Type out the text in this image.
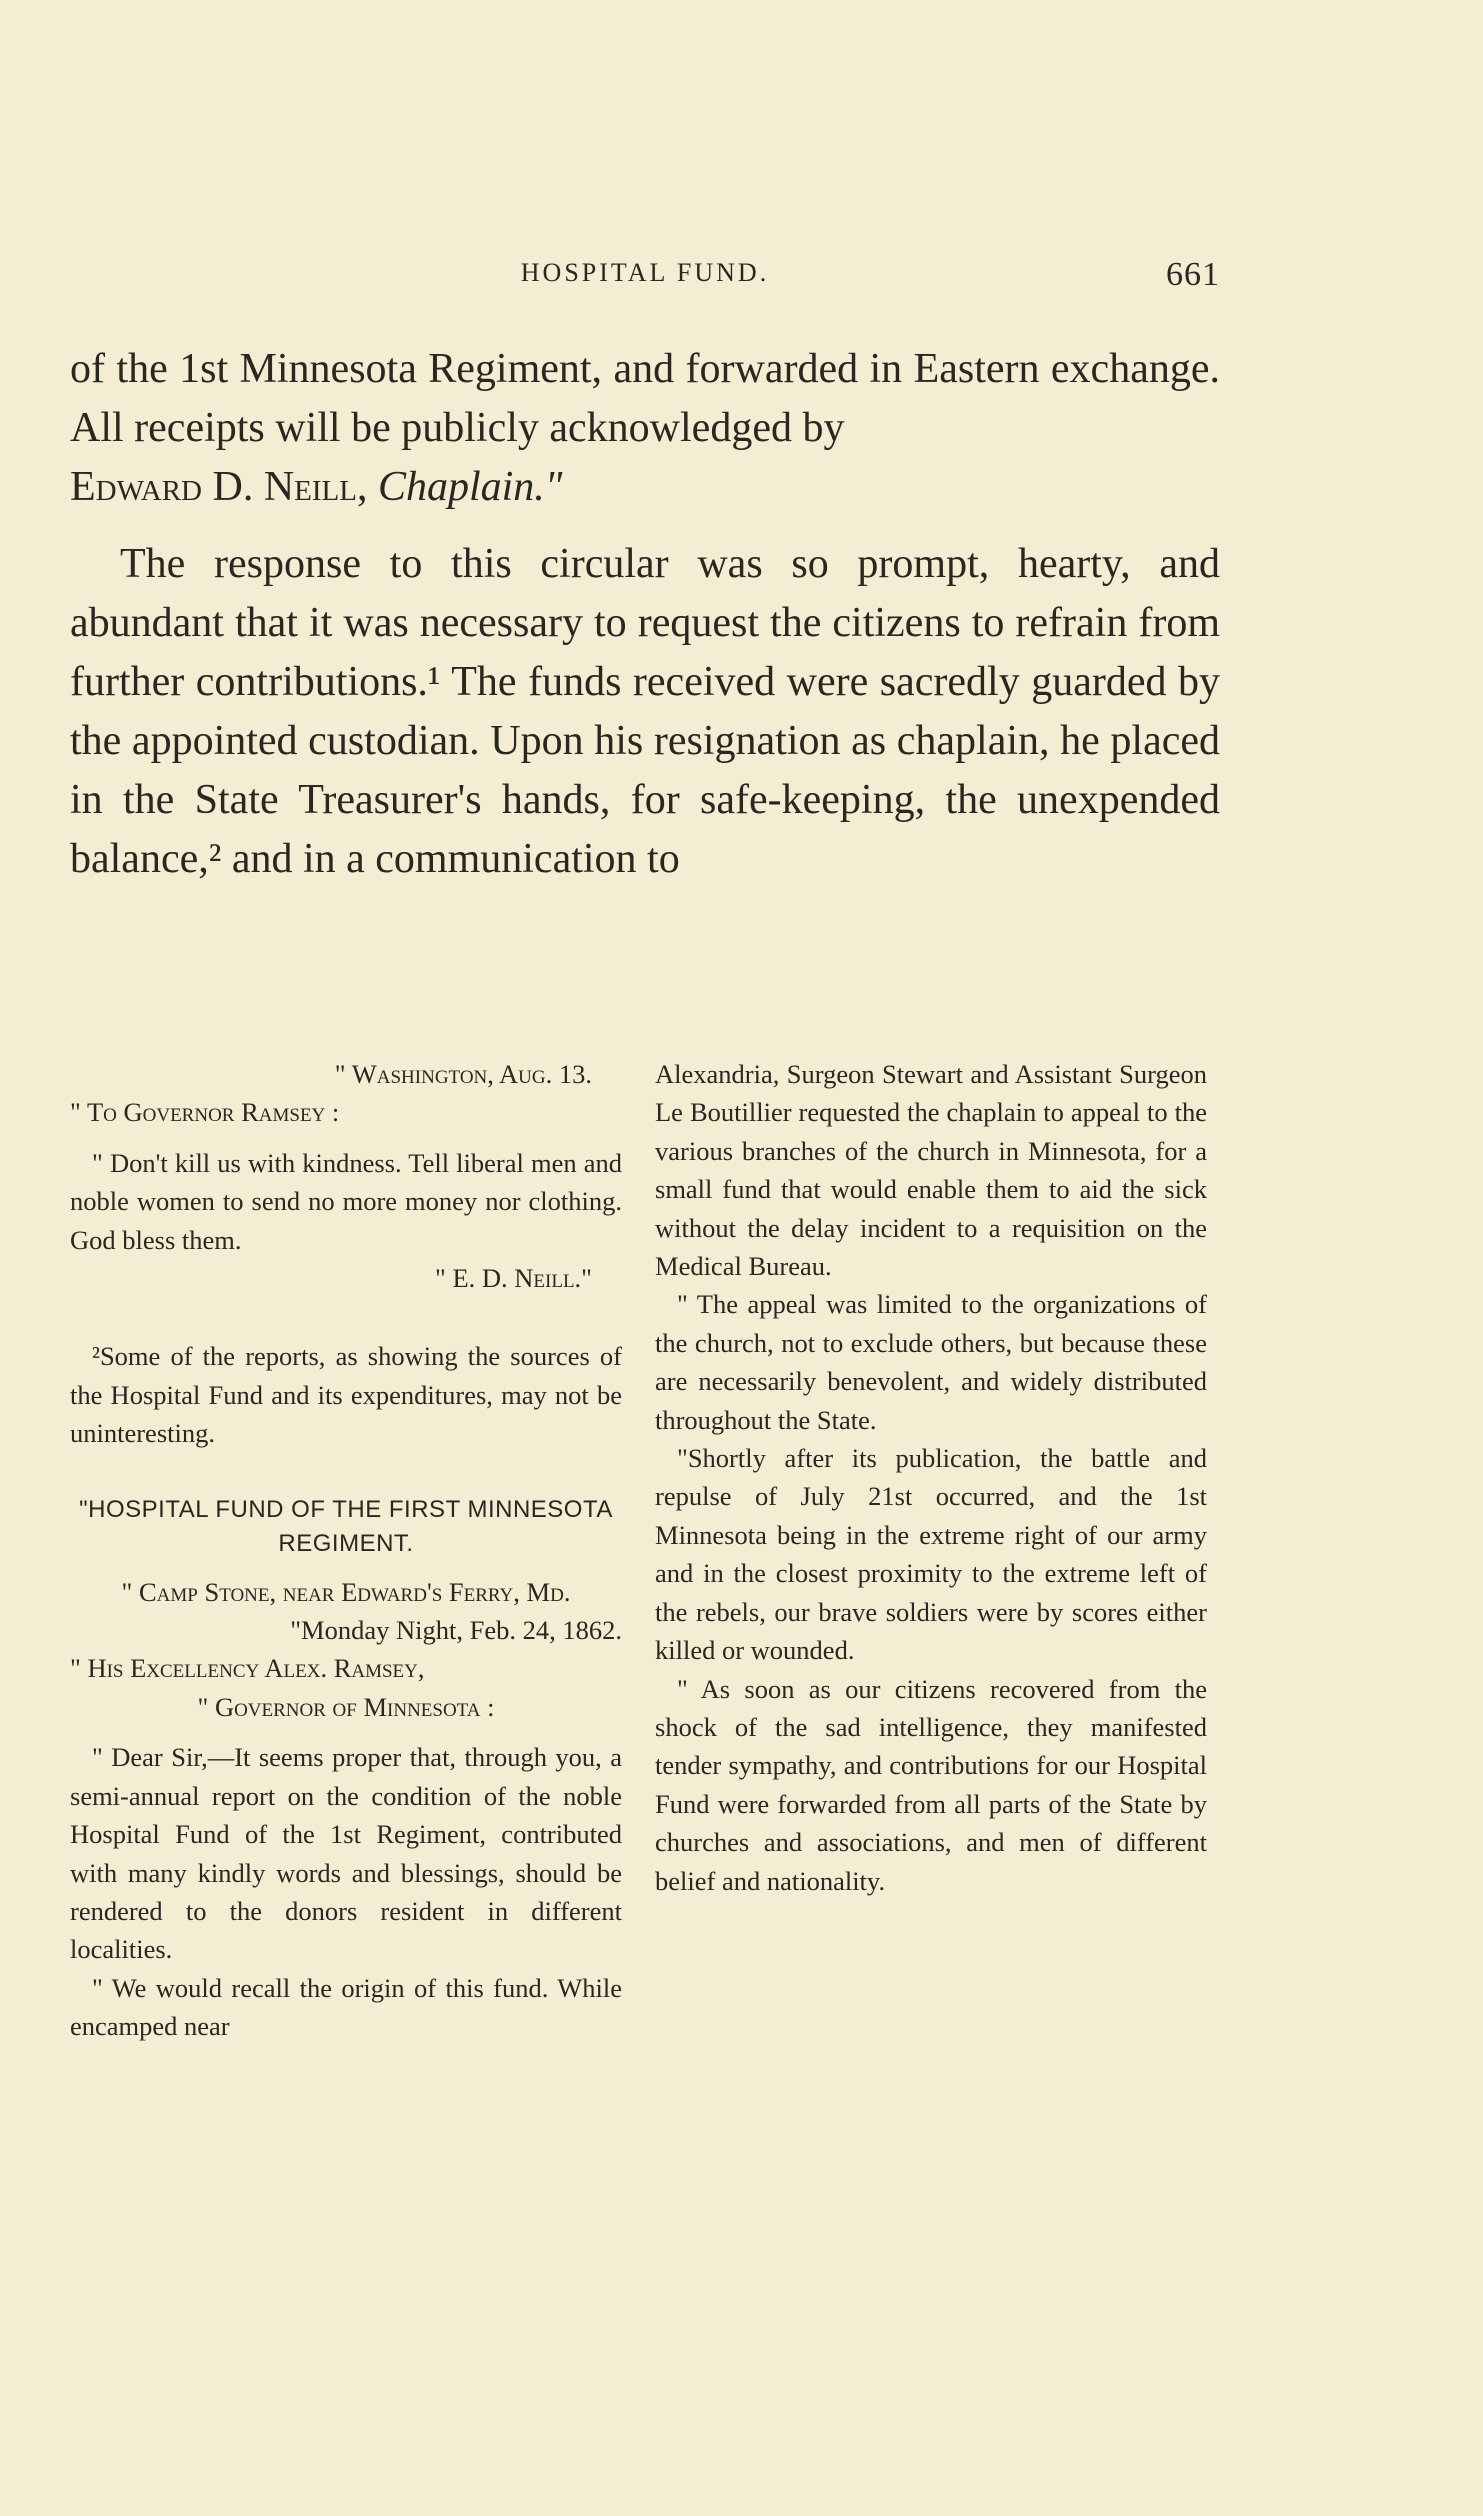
HOSPITAL FUND.	661

of the 1st Minnesota Regiment, and forwarded in Eastern exchange. All receipts will be publicly acknowledged by

Edward D. Neill, Chaplain."

The response to this circular was so prompt, hearty, and abundant that it was necessary to request the citizens to refrain from further contributions.¹ The funds received were sacredly guarded by the appointed custodian. Upon his resignation as chaplain, he placed in the State Treasurer's hands, for safe-keeping, the unexpended balance,² and in a communication to

" Washington, Aug. 13.

" To Governor Ramsey :

" Don't kill us with kindness. Tell liberal men and noble women to send no more money nor clothing. God bless them.

" E. D. Neill."

²Some of the reports, as showing the sources of the Hospital Fund and its expenditures, may not be uninteresting.

"HOSPITAL FUND OF THE FIRST MINNESOTA REGIMENT.

" Camp Stone, near Edward's Ferry, Md.

"Monday Night, Feb. 24, 1862.

" His Excellency Alex. Ramsey,

" Governor of Minnesota :

" Dear Sir,—It seems proper that, through you, a semi-annual report on the condition of the noble Hospital Fund of the 1st Regiment, contributed with many kindly words and blessings, should be rendered to the donors resident in different localities.

" We would recall the origin of this fund. While encamped near

Alexandria, Surgeon Stewart and Assistant Surgeon Le Boutillier requested the chaplain to appeal to the various branches of the church in Minnesota, for a small fund that would enable them to aid the sick without the delay incident to a requisition on the Medical Bureau.

" The appeal was limited to the organizations of the church, not to exclude others, but because these are necessarily benevolent, and widely distributed throughout the State.

"Shortly after its publication, the battle and repulse of July 21st occurred, and the 1st Minnesota being in the extreme right of our army and in the closest proximity to the extreme left of the rebels, our brave soldiers were by scores either killed or wounded.

" As soon as our citizens recovered from the shock of the sad intelligence, they manifested tender sympathy, and contributions for our Hospital Fund were forwarded from all parts of the State by churches and associations, and men of different belief and nationality.
